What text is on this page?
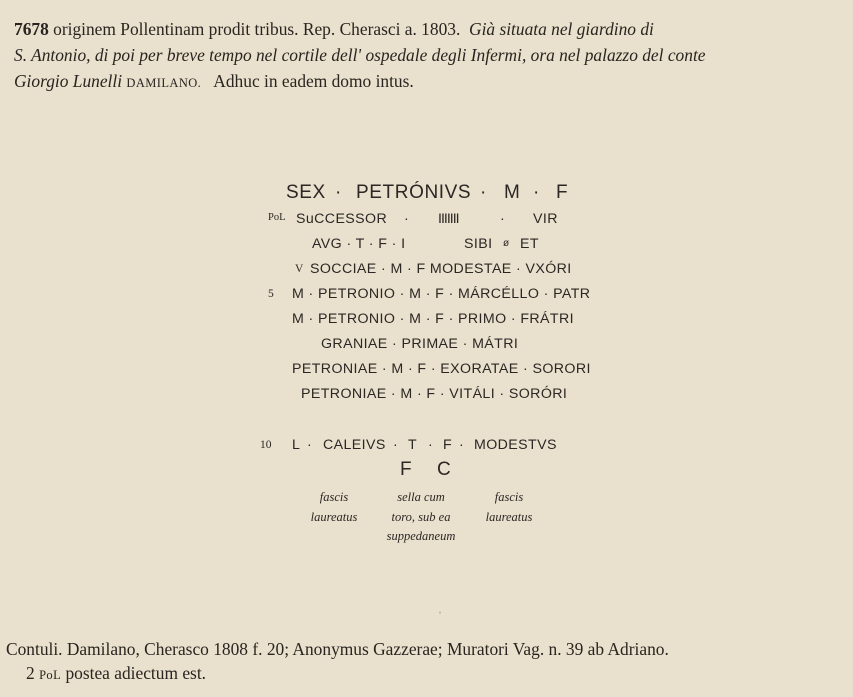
7678 originem Pollentinam prodit tribus. Rep. Cherasci a. 1803. Già situata nel giardino di
S. Antonio, di poi per breve tempo nel cortile dell' ospedale degli Infermi, ora nel palazzo del conte
Giorgio Lunelli DAMILANO. Adhuc in eadem domo intus.
SEX · PETRÓNIVS · M · F
PoL SuCCESSOR · IIIIIII	· VIR
AVG · T · F · I	SIBI ø ET
V SOCCIAE · M · F MODESTAE · VXÓRI
5 M · PETRONIO · M · F · MÁRCÉLLO · PATR
M · PETRONIO · M · F · PRIMO · FRÁTRI
GRANIAE · PRIMAE · MÁTRI
PETRONIAE · M · F · EXORATAE · SORORI
PETRONIAE · M · F · VITÁLI · SORÓRI
10 L · CALEIVS · T · F · MODESTVS
F C
fascis
laureatus
sella cum
toro, sub ea
suppedaneum
fascis
laureatus
ˌ
Contuli. Damilano, Cherasco 1808 f. 20; Anonymus Gazzerae; Muratori Vag. n. 39 ab Adriano.
2 PoL postea adiectum est.
